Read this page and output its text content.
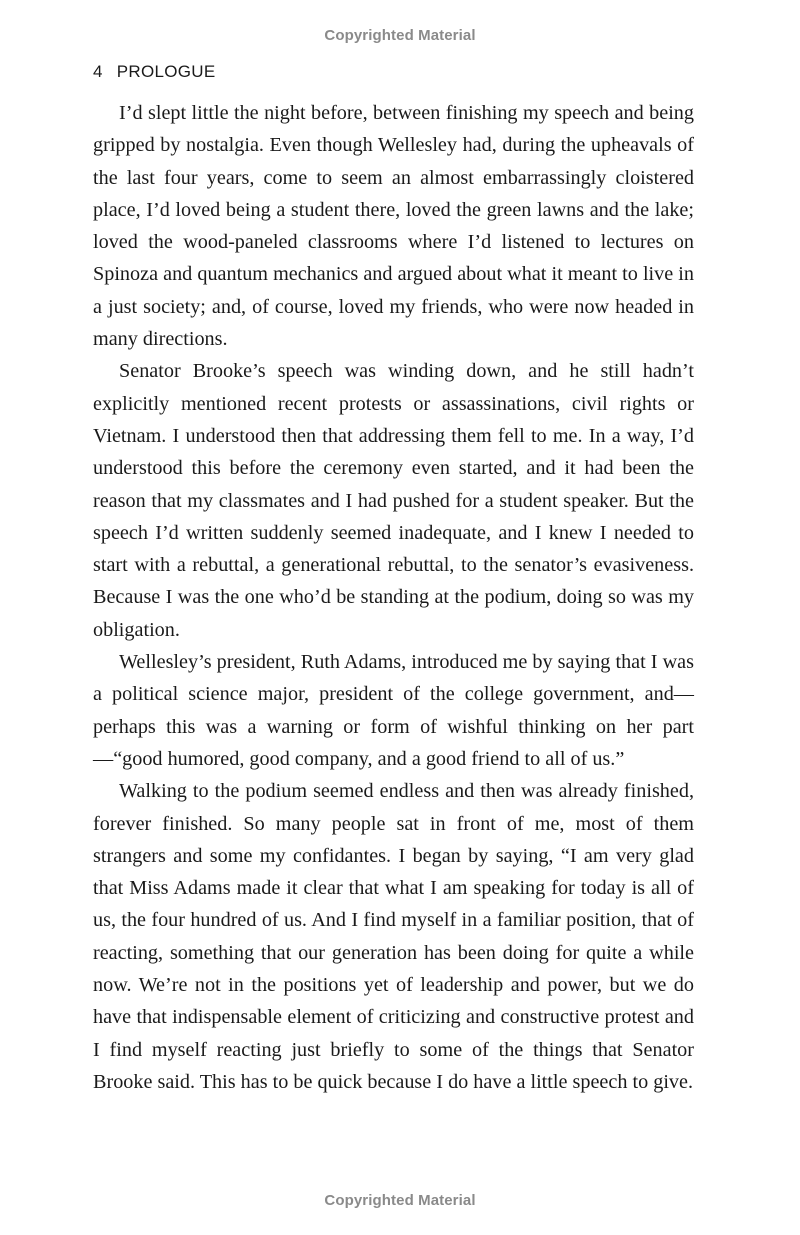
Copyrighted Material
4 PROLOGUE

I’d slept little the night before, between finishing my speech and being gripped by nostalgia. Even though Wellesley had, during the upheavals of the last four years, come to seem an almost embarrassingly cloistered place, I’d loved being a student there, loved the green lawns and the lake; loved the wood-paneled classrooms where I’d listened to lectures on Spinoza and quantum mechanics and argued about what it meant to live in a just society; and, of course, loved my friends, who were now headed in many directions.

Senator Brooke’s speech was winding down, and he still hadn’t explicitly mentioned recent protests or assassinations, civil rights or Vietnam. I understood then that addressing them fell to me. In a way, I’d understood this before the ceremony even started, and it had been the reason that my classmates and I had pushed for a student speaker. But the speech I’d written suddenly seemed inadequate, and I knew I needed to start with a rebuttal, a generational rebuttal, to the senator’s evasiveness. Because I was the one who’d be standing at the podium, doing so was my obligation.

Wellesley’s president, Ruth Adams, introduced me by saying that I was a political science major, president of the college government, and—perhaps this was a warning or form of wishful thinking on her part—“good humored, good company, and a good friend to all of us.”

Walking to the podium seemed endless and then was already finished, forever finished. So many people sat in front of me, most of them strangers and some my confidantes. I began by saying, “I am very glad that Miss Adams made it clear that what I am speaking for today is all of us, the four hundred of us. And I find myself in a familiar position, that of reacting, something that our generation has been doing for quite a while now. We’re not in the positions yet of leadership and power, but we do have that indispensable element of criticizing and constructive protest and I find myself reacting just briefly to some of the things that Senator Brooke said. This has to be quick because I do have a little speech to give.

Copyrighted Material
